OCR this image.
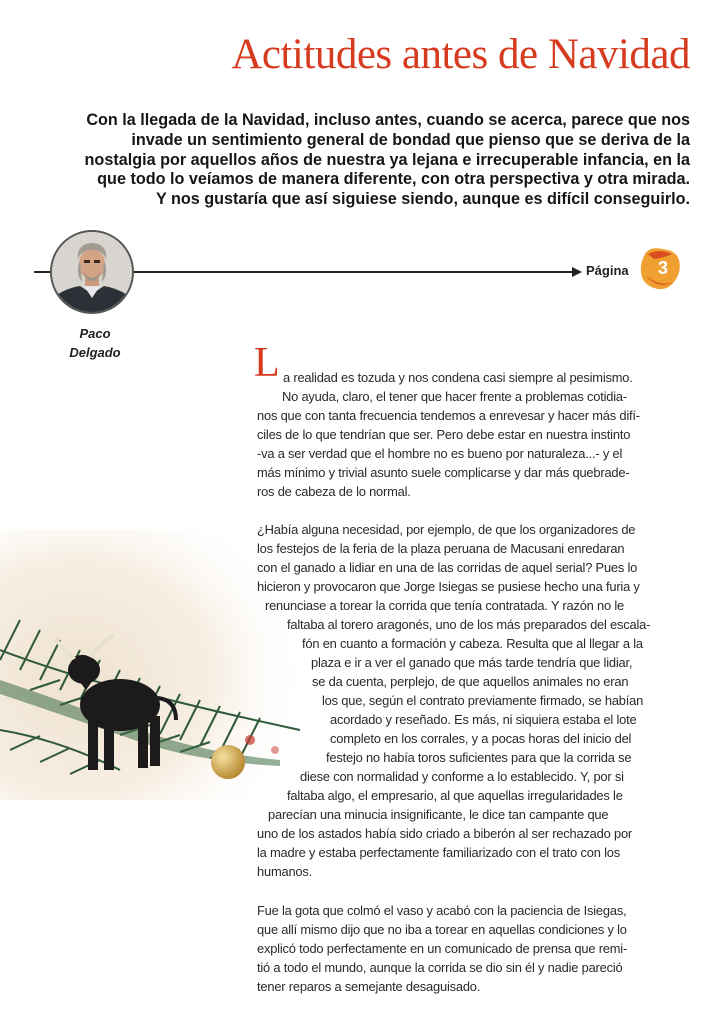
Actitudes antes de Navidad

Con la llegada de la Navidad, incluso antes, cuando se acerca, parece que nos
invade un sentimiento general de bondad que pienso que se deriva de la
nostalgia por aquellos años de nuestra ya lejana e irrecuperable infancia, en la
que todo lo veíamos de manera diferente, con otra perspectiva y otra mirada.
Y nos gustaría que así siguiese siendo, aunque es difícil conseguirlo.

Paco
Delgado
Página 3
L a realidad es tozuda y nos condena casi siempre al pesimismo.
No ayuda, claro, el tener que hacer frente a problemas cotidia-
nos que con tanta frecuencia tendemos a enrevesar y hacer más difí-
ciles de lo que tendrían que ser. Pero debe estar en nuestra instinto
-va a ser verdad que el hombre no es bueno por naturaleza...- y el
más mínimo y trivial asunto suele complicarse y dar más quebrade-
ros de cabeza de lo normal.
¿Había alguna necesidad, por ejemplo, de que los organizadores de
los festejos de la feria de la plaza peruana de Macusani enredaran
con el ganado a lidiar en una de las corridas de aquel serial? Pues lo
hicieron y provocaron que Jorge Isiegas se pusiese hecho una furia y
renunciase a torear la corrida que tenía contratada. Y razón no le
faltaba al torero aragonés, uno de los más preparados del escala-
fón en cuanto a formación y cabeza. Resulta que al llegar a la
plaza e ir a ver el ganado que más tarde tendría que lidiar,
se da cuenta, perplejo, de que aquellos animales no eran
los que, según el contrato previamente firmado, se habían
acordado y reseñado. Es más, ni siquiera estaba el lote
completo en los corrales, y a pocas horas del inicio del
festejo no había toros suficientes para que la corrida se
diese con normalidad y conforme a lo establecido. Y, por si
faltaba algo, el empresario, al que aquellas irregularidades le
parecían una minucia insignificante, le dice tan campante que
uno de los astados había sido criado a biberón al ser rechazado por
la madre y estaba perfectamente familiarizado con el trato con los
humanos.
Fue la gota que colmó el vaso y acabó con la paciencia de Isiegas,
que allí mismo dijo que no iba a torear en aquellas condiciones y lo
explicó todo perfectamente en un comunicado de prensa que remi-
tió a todo el mundo, aunque la corrida se dio sin él y nadie pareció
tener reparos a semejante desaguisado.
